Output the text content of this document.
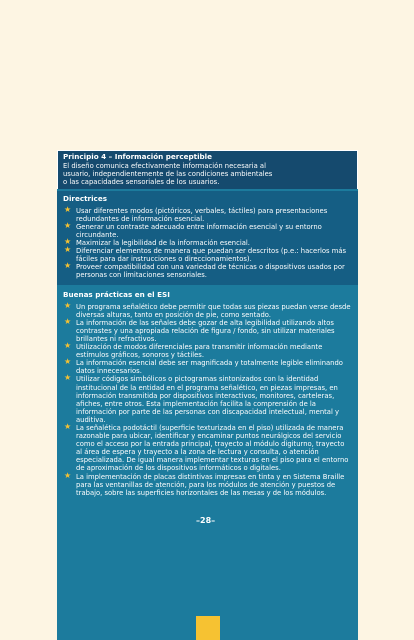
Principio 4 – Información perceptible
El diseño comunica efectivamente información necesaria al
usuario, independientemente de las condiciones ambientales
o las capacidades sensoriales de los usuarios.
Directrices
★ Usar diferentes modos (pictóricos, verbales, táctiles) para presentaciones redundantes de información esencial.
★ Generar un contraste adecuado entre información esencial y su entorno circundante.
★ Maximizar la legibilidad de la información esencial.
★ Diferenciar elementos de manera que puedan ser descritos (p.e.: hacerlos más fáciles para dar instrucciones o direccionamientos).
★ Proveer compatibilidad con una variedad de técnicas o dispositivos usados por personas con limitaciones sensoriales.
Buenas prácticas en el ESI
★ Un programa señalético debe permitir que todas sus piezas puedan verse desde diversas alturas, tanto en posición de pie, como sentado.
★ La información de las señales debe gozar de alta legibilidad utilizando altos contrastes y una apropiada relación de figura / fondo, sin utilizar materiales brillantes ni refractivos.
★ Utilización de modos diferenciales para transmitir información mediante estímulos gráficos, sonoros y táctiles.
★ La información esencial debe ser magnificada y totalmente legible eliminando datos innecesarios.
★ Utilizar códigos simbólicos o pictogramas sintonizados con la identidad institucional de la entidad en el programa señalético, en piezas impresas, en información transmitida por dispositivos interactivos, monitores, carteleras, afiches, entre otros. Esta implementación facilita la comprensión de la información por parte de las personas con discapacidad intelectual, mental y auditiva.
★ La señalética podotáctil (superficie texturizada en el piso) utilizada de manera razonable para ubicar, identificar y encaminar puntos neurálgicos del servicio como el acceso por la entrada principal, trayecto al módulo digiturno, trayecto al área de espera y trayecto a la zona de lectura y consulta, o atención especializada. De igual manera implementar texturas en el piso para el entorno de aproximación de los dispositivos informáticos o digitales.
★ La implementación de placas distintivas impresas en tinta y en Sistema Braille para las ventanillas de atención, para los módulos de atención y puestos de trabajo, sobre las superficies horizontales de las mesas y de los módulos.
–28–
